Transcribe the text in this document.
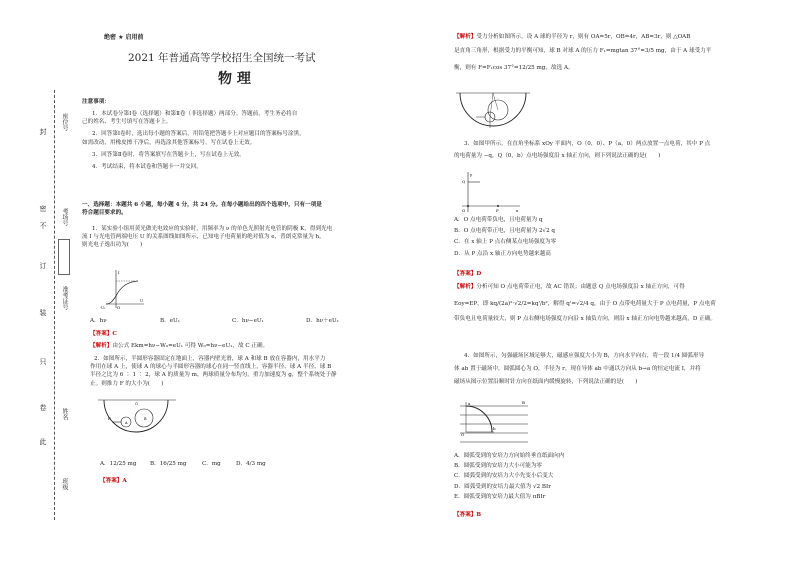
封
密
不
订
装
只
卷
此
座位号
考场号
准考证号
姓名
班级
绝密 ★ 启用前
2021 年普通高等学校招生全国统一考试
物 理
注意事项：
1．本试卷分第Ⅰ卷（选择题）和第Ⅱ卷（非选择题）两部分。答题前，考生务必将自
己的姓名、考生号填写在答题卡上。
2．回答第Ⅰ卷时，选出每小题的答案后，用铅笔把答题卡上对应题目的答案标号涂黑，
如需改动，用橡皮擦干净后，再选涂其他答案标号。写在试卷上无效。
3．回答第Ⅱ卷时，将答案填写在答题卡上，写在试卷上无效。
4．考试结束，将本试卷和答题卡一并交回。
一、选择题：本题共 6 小题，每小题 4 分，共 24 分。在每小题给出的四个选项中，只有一项是
符合题目要求的。
1．某实验小组用黄光做光电效应的实验时，用频率为 ν 的单色光照射光电管的阴极 K，得到光电
流 I 与光电管两端电压 U 的关系图线如图所示，已知电子电荷量的绝对值为 e，普朗克常量为 h，
则光电子逸出功为(　　)
I
U
O
-U₁
A．hν	B．eU₁	C．hν−eU₁	D．hν＋eU₁
【答案】C
【解析】由公式 Ekm=hν−W₀=eU₁ 可得 W₀=hν−eU₁，故 C 正确。
2．如图所示，半圆形容器固定在地面上，容器内壁光滑，球 A 和球 B 放在容器内，用水平力
作用在球 A 上，使球 A 的球心与半圆形容器的球心在同一竖直线上，容器半径、球 A 半径、球 B
半径之比为 6 ∶ 1 ∶ 2，球 A 的质量为 m，两球质量分布均匀，重力加速度为 g，整个系统处于静
止。则推力 F 的大小为(　　)
F
A
B
O
A．12/25 mg B．16/25 mg	C．mg	D．4/3 mg
【答案】A
【解析】受力分析如图所示，设 A 球的半径为 r，则有 OA=5r，OB=4r，AB=3r，则 △OAB
是直角三角形，根据受力的平衡可知，球 B 对球 A 的压力 F₁=mgtan 37°=3/5 mg，由于 A 球受力平
衡，则有 F=F₁cos 37°=12/25 mg，故选 A。
3．如图甲所示，在直角坐标系 xOy 平面内，O（0，0）、P（a，0）两点放置一点电荷，其中 P 点
的电荷量为 −q，Q（0，b）点电场强度沿 x 轴正方向，则下列说法正确的是(　　)
Q
O	P	x
y
A．O 点电荷带负电，且电荷量为 q
B．O 点电荷带正电，且电荷量为 2√2 q
C．在 x 轴上 P 点右侧某点电场强度为零
D．从 P 点沿 x 轴正方向电势越来越高
【答案】D
【解析】分析可知 O 点电荷带正电，故 AC 错误；由题意 Q 点电场强度沿 x 轴正方向，可得
Eoy=EP，即 kq/(2a)²·√2/2=kq'/b²，解得 q'=√2/4 q，由于 O 点带电荷量大于 P 点电荷量，P 点电荷
带负电且电荷量较大，则 P 点右侧电场强度方向沿 x 轴负方向，则沿 x 轴正方向电势越来越高，D 正确。
4．如图所示，匀强磁场区域足够大，磁感应强度大小为 B，方向水平向右，将一段 1/4 圆弧形导
体 ab 置于磁场中，圆弧圆心为 O，半径为 r。现在导体 ab 中通以方向从 b→a 的恒定电流 I，并将
磁场从图示位置沿顺时针方向在纸面内缓慢旋转，下列说法正确的是(　　)
B
a
b
O
A．圆弧受到的安培力方向始终垂直纸面向内
B．圆弧受到的安培力大小可能为零
C．圆弧受到的安培力大小先变小后变大
D．圆弧受到的安培力最大值为 √2 BIr
E．圆弧受到的安培力最大值为 πBIr
【答案】B
